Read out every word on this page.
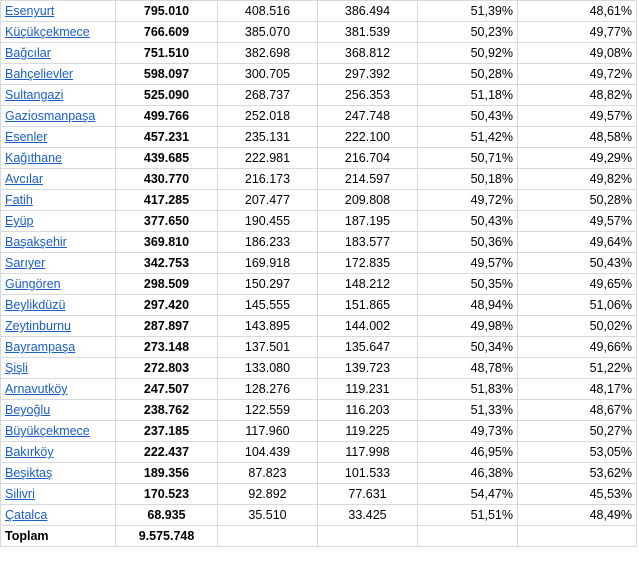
Esenyurt	795.010	408.516	386.494	51,39%	48,61%
Küçükçekmece	766.609	385.070	381.539	50,23%	49,77%
Bağcılar	751.510	382.698	368.812	50,92%	49,08%
Bahçelievler	598.097	300.705	297.392	50,28%	49,72%
Sultangazi	525.090	268.737	256.353	51,18%	48,82%
Gaziosmanpaşa	499.766	252.018	247.748	50,43%	49,57%
Esenler	457.231	235.131	222.100	51,42%	48,58%
Kağıthane	439.685	222.981	216.704	50,71%	49,29%
Avcılar	430.770	216.173	214.597	50,18%	49,82%
Fatih	417.285	207.477	209.808	49,72%	50,28%
Eyüp	377.650	190.455	187.195	50,43%	49,57%
Başakşehir	369.810	186.233	183.577	50,36%	49,64%
Sarıyer	342.753	169.918	172.835	49,57%	50,43%
Güngören	298.509	150.297	148.212	50,35%	49,65%
Beylikdüzü	297.420	145.555	151.865	48,94%	51,06%
Zeytinburnu	287.897	143.895	144.002	49,98%	50,02%
Bayrampaşa	273.148	137.501	135.647	50,34%	49,66%
Şişli	272.803	133.080	139.723	48,78%	51,22%
Arnavutköy	247.507	128.276	119.231	51,83%	48,17%
Beyoğlu	238.762	122.559	116.203	51,33%	48,67%
Büyükçekmece	237.185	117.960	119.225	49,73%	50,27%
Bakırköy	222.437	104.439	117.998	46,95%	53,05%
Beşiktaş	189.356	87.823	101.533	46,38%	53,62%
Silivri	170.523	92.892	77.631	54,47%	45,53%
Çatalca	68.935	35.510	33.425	51,51%	48,49%
Toplam	9.575.748				
